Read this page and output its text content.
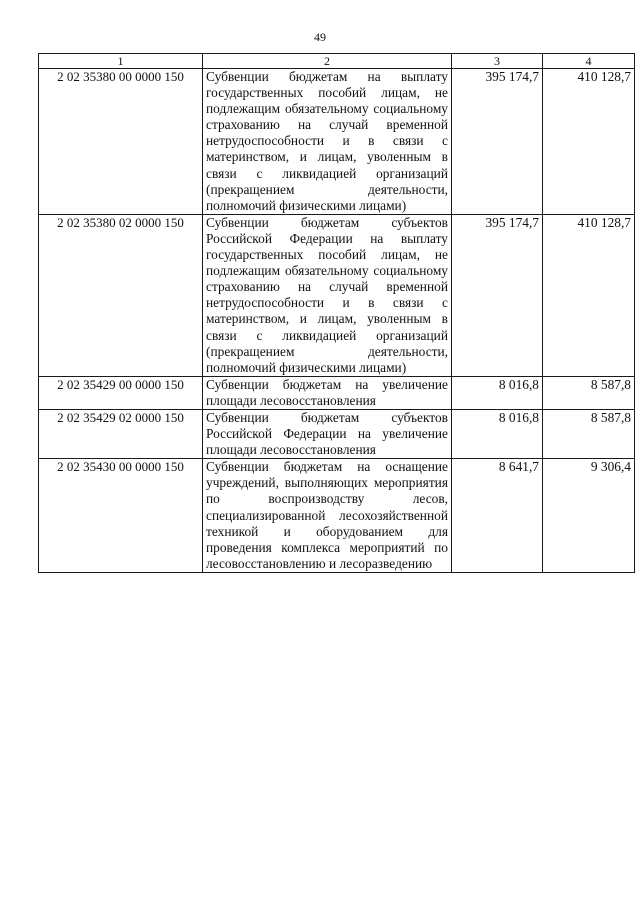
49
1	2	3	4
2 02 35380 00 0000 150	Субвенции бюджетам на выплату государственных пособий лицам, не подлежащим обязательному социальному страхованию на случай временной нетрудоспособности и в связи с материнством, и лицам, уволенным в связи с ликвидацией организаций (прекращением деятельности, полномочий физическими лицами)	395 174,7	410 128,7
2 02 35380 02 0000 150	Субвенции бюджетам субъектов Российской Федерации на выплату государственных пособий лицам, не подлежащим обязательному социальному страхованию на случай временной нетрудоспособности и в связи с материнством, и лицам, уволенным в связи с ликвидацией организаций (прекращением деятельности, полномочий физическими лицами)	395 174,7	410 128,7
2 02 35429 00 0000 150	Субвенции бюджетам на увеличение площади лесовосстановления	8 016,8	8 587,8
2 02 35429 02 0000 150	Субвенции бюджетам субъектов Российской Федерации на увеличение площади лесовосстановления	8 016,8	8 587,8
2 02 35430 00 0000 150	Субвенции бюджетам на оснащение учреждений, выполняющих мероприятия по воспроизводству лесов, специализированной лесохозяйственной техникой и оборудованием для проведения комплекса мероприятий по лесовосстановлению и лесоразведению	8 641,7	9 306,4
